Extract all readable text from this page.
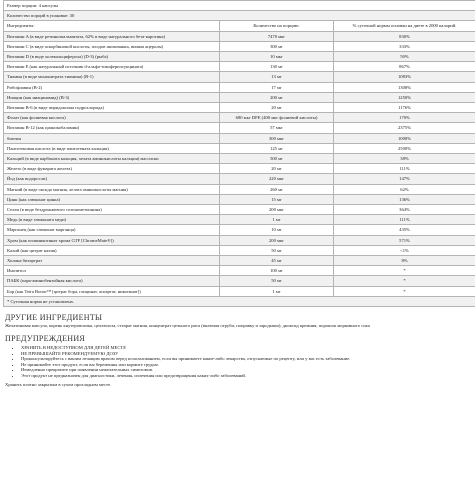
Размер порции: 4 капсулы		
Количество порций в упаковке: 30		
Ингредиенты:	Количество на порцию:	% суточной нормы основан на диете в 2000 калорий.
Витамин A (в виде ретинилпальмитата, 62% в виде натурального бета-каротина)	7470 мкг	830%
Витамин C (в виде аскорбиновой кислоты, плодов шиповника, вишни ацеролы)	300 мг	333%
Витамин D (в виде холекальциферола) (D-3) (рыба)	10 мкг	50%
Витамин E (как натуральный источник d-альфа-токоферилсукцината)	130 мг	867%
Тиамин (в виде мононитрата тиамина) (B-1)	13 мг	1083%
Рибофлавин (B-2)	17 мг	1308%
Ниацин (как ниацинамид) (B-3)	200 мг	1250%
Витамин B-6 (в виде пиридоксина гидрохлорида)	20 мг	1176%
Фолат (как фолиевая кислота)	680 мкг DFE (400 мкг фолиевой кислоты)	170%
Витамин B-12 (как цианокобаламин)	57 мкг	2375%
биотин	300 мкг	1000%
Пантотеновая кислота (в виде пантотената кальция)	125 мг	2500%
Кальций (в виде карбоната кальция, хелата аминокислоты кальция) массиски	500 мг	38%
Железо (в виде фумарата железа)	20 мг	111%
Йод (как водоросли)	220 мкг	147%
Магний (в виде оксида магния, хелата аминокислоты магния)	260 мг	62%
Цинк (как глюконат цинка)	15 мг	136%
Селен (в виде бездрожжевого селенометионина)	200 мкг	364%
Медь (в виде глюконата меди)	1 мг	111%
Марганец (как глюконат марганца)	10 мг	435%
Хром (как полиникотинат хрома GTF [ChromeMate®])	200 мкг	571%
Калий (как цитрат калия)	50 мг	<1%
Холина битартрат	45 мг	8%
Инозитол	100 мг	*
ПАБК (пара-аминобензойная кислота)	50 мг	*
Бор (как Tetra Boron™ [цитрат бора, глицинат, аспартат, никотинат])	1 мг	*
* Суточная норма не установлена.		
ДРУГИЕ ИНГРЕДИЕНТЫ
Желатиновая капсула, корень кнутеровскика, целлюлоза, стеарат магния, концентрат цельного риса (включая отруби, поправку и зародыши), диоксид кремния, порошок морковного сока
ПРЕДУПРЕЖДЕНИЯ
• ХРАНИТЬ В НЕДОСТУПНОМ ДЛЯ ДЕТЕЙ МЕСТЕ
• НЕ ПРЕВЫШАЙТЕ РЕКОМЕНДУЕМУЮ ДОЗУ
• Проконсультируйтесь с вашим лечащим врачом перед использованием, если вы принимаете какие-либо лекарства, отпускаемые по рецепту, или у вас есть заболевание.
• Не принимайте этот продукт, если вы беременны или кормите грудью.
• Немедленно прекратите при появлении нежелательных симптомов.
• Этот продукт не предназначен для диагностики, лечения, излечения или предотвращения каких-либо заболеваний.
Хранить плотно закрытым в сухом прохладном месте.
